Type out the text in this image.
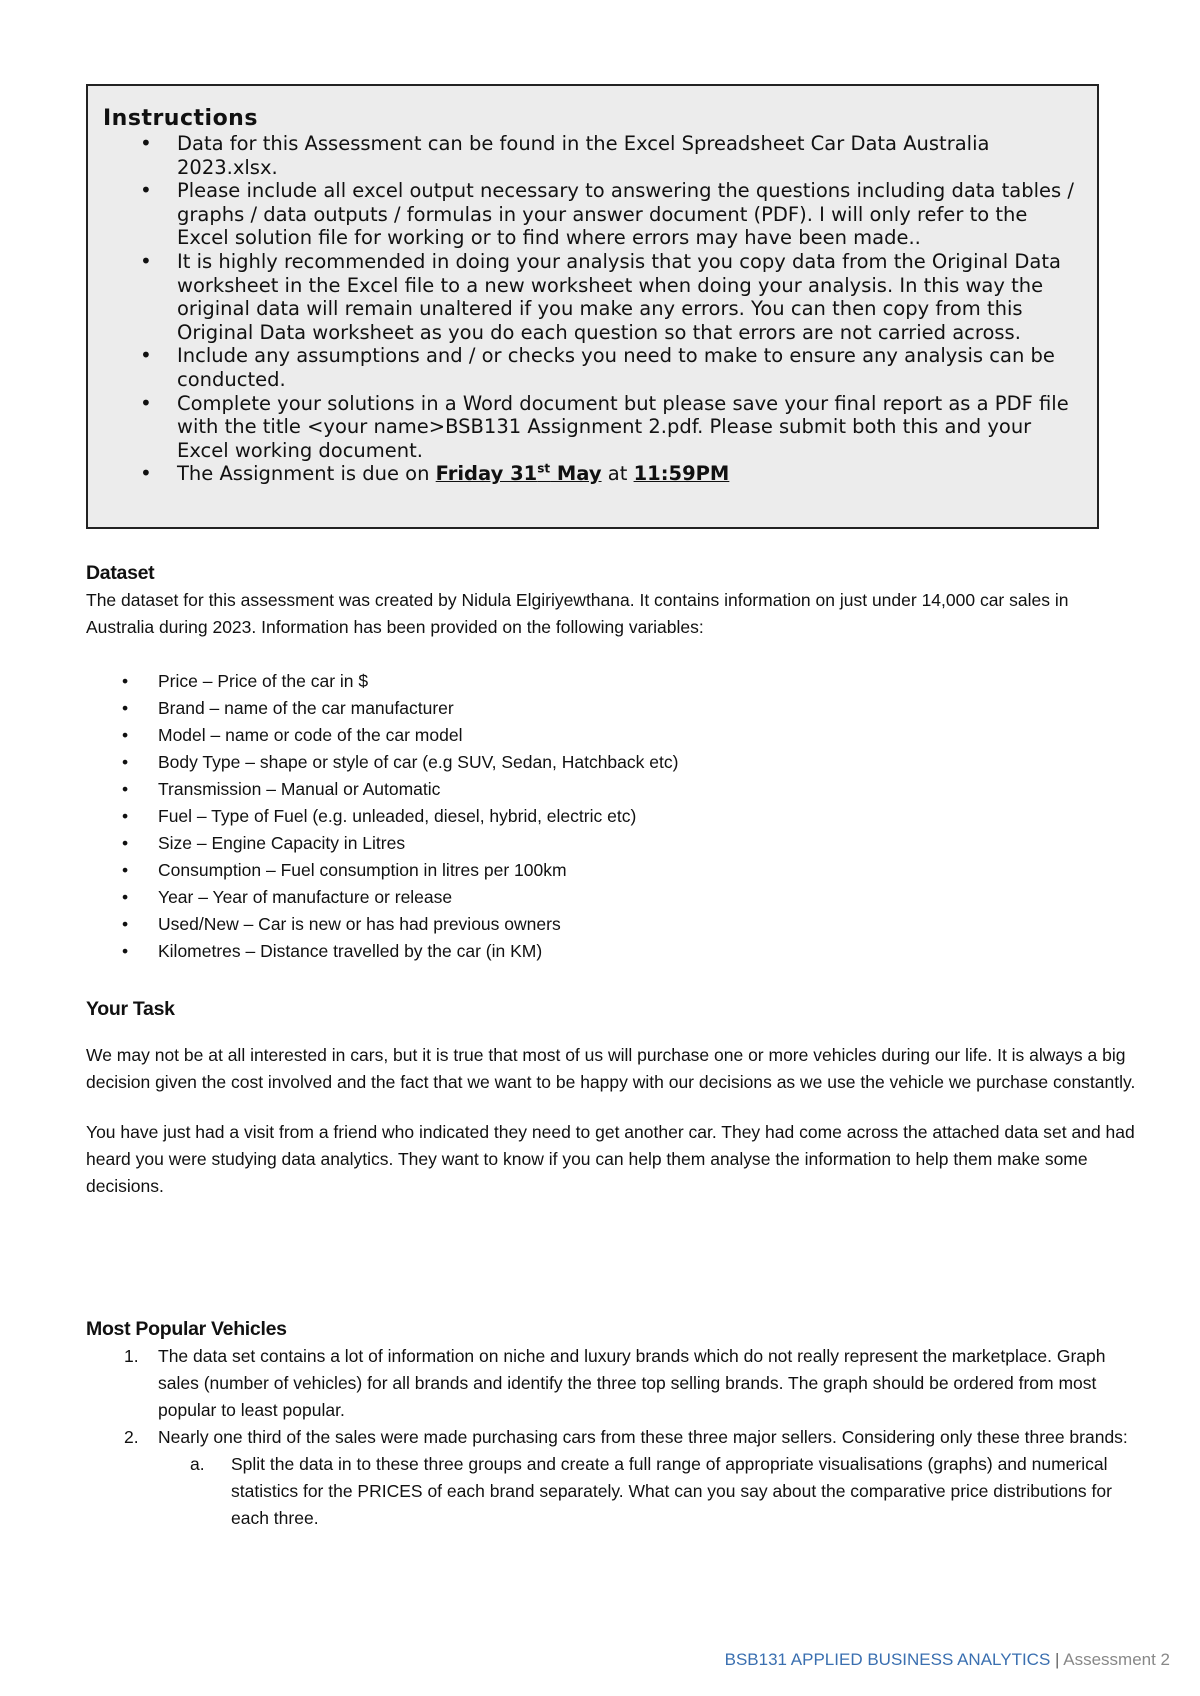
Instructions
• Data for this Assessment can be found in the Excel Spreadsheet Car Data Australia 2023.xlsx.
• Please include all excel output necessary to answering the questions including data tables / graphs / data outputs / formulas in your answer document (PDF). I will only refer to the Excel solution file for working or to find where errors may have been made..
• It is highly recommended in doing your analysis that you copy data from the Original Data worksheet in the Excel file to a new worksheet when doing your analysis. In this way the original data will remain unaltered if you make any errors. You can then copy from this Original Data worksheet as you do each question so that errors are not carried across.
• Include any assumptions and / or checks you need to make to ensure any analysis can be conducted.
• Complete your solutions in a Word document but please save your final report as a PDF file with the title <your name>BSB131 Assignment 2.pdf. Please submit both this and your Excel working document.
• The Assignment is due on Friday 31st May at 11:59PM
Dataset
The dataset for this assessment was created by Nidula Elgiriyewthana. It contains information on just under 14,000 car sales in Australia during 2023. Information has been provided on the following variables:
• Price – Price of the car in $
• Brand – name of the car manufacturer
• Model – name or code of the car model
• Body Type – shape or style of car (e.g SUV, Sedan, Hatchback etc)
• Transmission – Manual or Automatic
• Fuel – Type of Fuel (e.g. unleaded, diesel, hybrid, electric etc)
• Size – Engine Capacity in Litres
• Consumption – Fuel consumption in litres per 100km
• Year – Year of manufacture or release
• Used/New – Car is new or has had previous owners
• Kilometres – Distance travelled by the car (in KM)
Your Task
We may not be at all interested in cars, but it is true that most of us will purchase one or more vehicles during our life. It is always a big decision given the cost involved and the fact that we want to be happy with our decisions as we use the vehicle we purchase constantly.
You have just had a visit from a friend who indicated they need to get another car. They had come across the attached data set and had heard you were studying data analytics. They want to know if you can help them analyse the information to help them make some decisions.
Most Popular Vehicles
1. The data set contains a lot of information on niche and luxury brands which do not really represent the marketplace. Graph sales (number of vehicles) for all brands and identify the three top selling brands. The graph should be ordered from most popular to least popular.
2. Nearly one third of the sales were made purchasing cars from these three major sellers. Considering only these three brands:
a. Split the data in to these three groups and create a full range of appropriate visualisations (graphs) and numerical statistics for the PRICES of each brand separately. What can you say about the comparative price distributions for each three.
BSB131 APPLIED BUSINESS ANALYTICS | Assessment 2
